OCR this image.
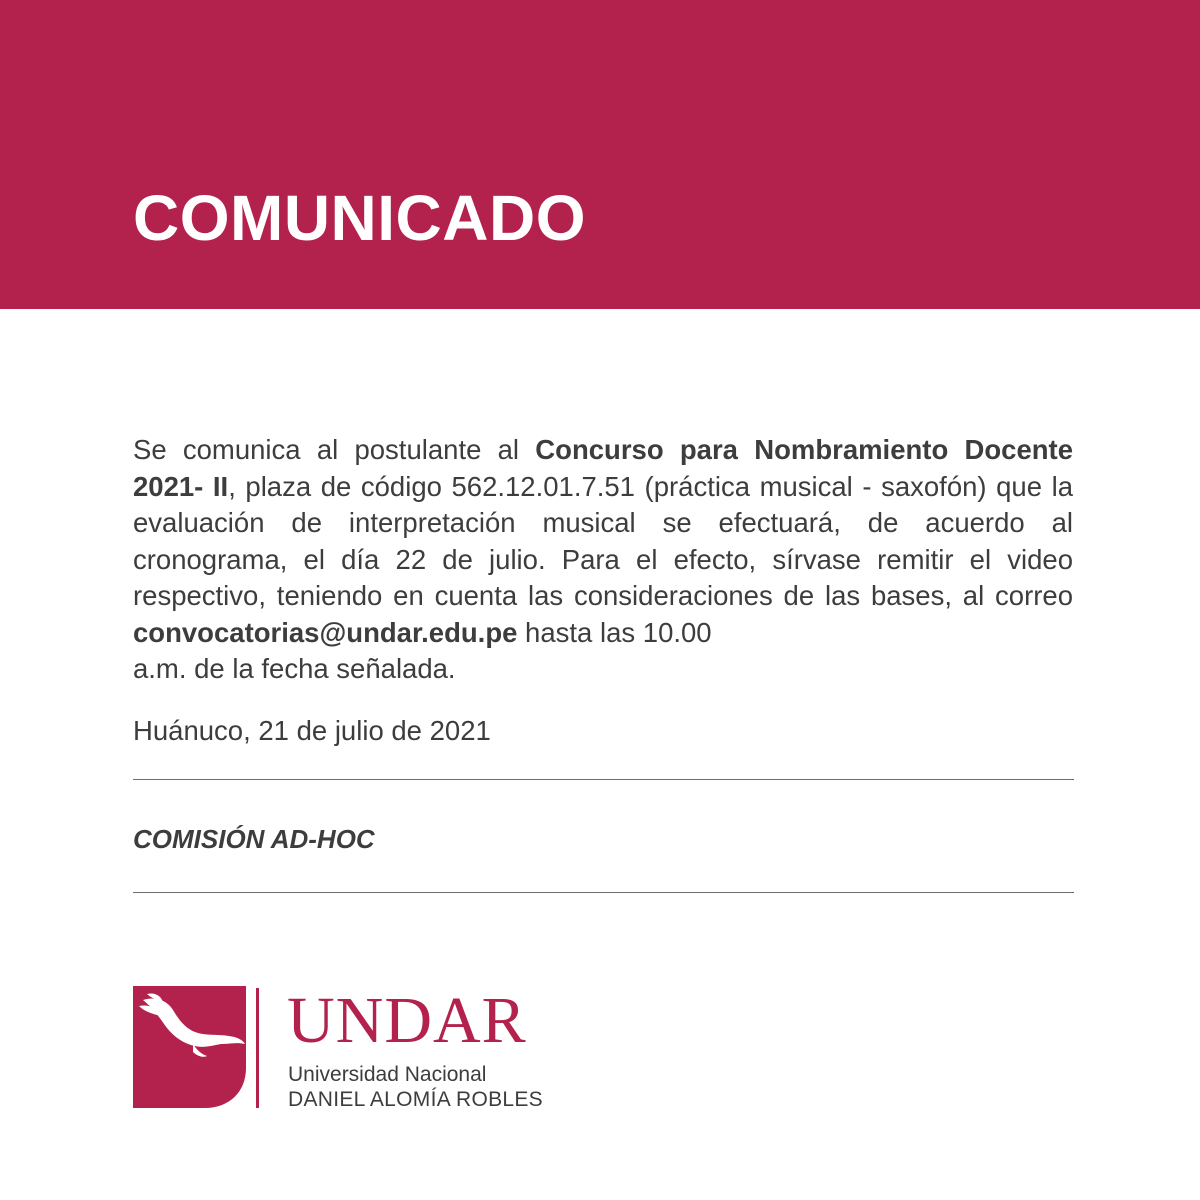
COMUNICADO

Se comunica al postulante al Concurso para Nombramiento Docente 2021- II, plaza de código 562.12.01.7.51 (práctica musical - saxofón) que la evaluación de interpretación musical se efectuará, de acuerdo al cronograma, el día 22 de julio. Para el efecto, sírvase remitir el video respectivo, teniendo en cuenta las consideraciones de las bases, al correo convocatorias@undar.edu.pe hasta las 10.00
a.m. de la fecha señalada.

Huánuco, 21 de julio de 2021

COMISIÓN AD-HOC

UNDAR

Universidad Nacional

DANIEL ALOMÍA ROBLES
